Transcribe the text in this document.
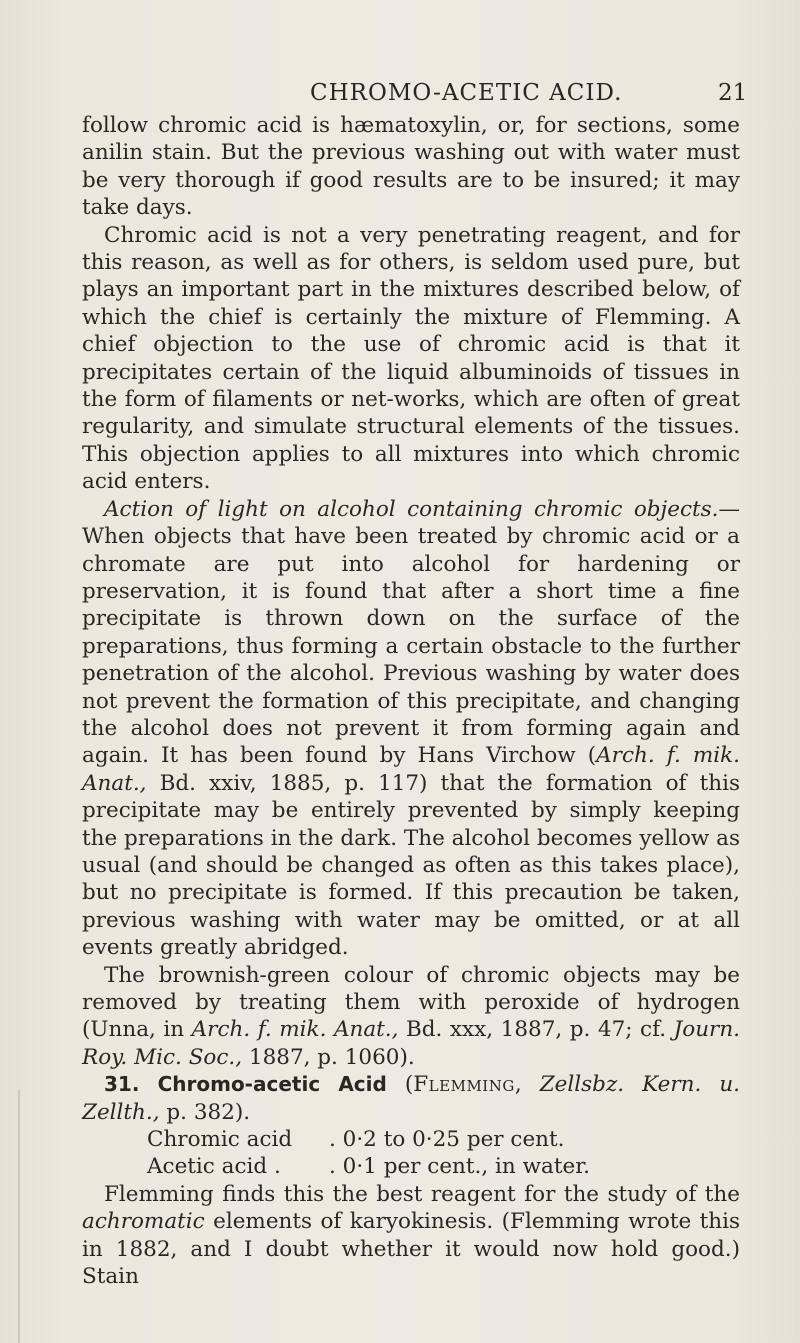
CHROMO-ACETIC ACID.	21

follow chromic acid is hæmatoxylin, or, for sections, some anilin stain. But the previous washing out with water must be very thorough if good results are to be insured; it may take days.

Chromic acid is not a very penetrating reagent, and for this reason, as well as for others, is seldom used pure, but plays an important part in the mixtures described below, of which the chief is certainly the mixture of Flemming. A chief objection to the use of chromic acid is that it precipitates certain of the liquid albuminoids of tissues in the form of filaments or net-works, which are often of great regularity, and simulate structural elements of the tissues. This objection applies to all mixtures into which chromic acid enters.

Action of light on alcohol containing chromic objects.—When objects that have been treated by chromic acid or a chromate are put into alcohol for hardening or preservation, it is found that after a short time a fine precipitate is thrown down on the surface of the preparations, thus forming a certain obstacle to the further penetration of the alcohol. Previous washing by water does not prevent the formation of this precipitate, and changing the alcohol does not prevent it from forming again and again. It has been found by Hans Virchow (Arch. f. mik. Anat., Bd. xxiv, 1885, p. 117) that the formation of this precipitate may be entirely prevented by simply keeping the preparations in the dark. The alcohol becomes yellow as usual (and should be changed as often as this takes place), but no precipitate is formed. If this precaution be taken, previous washing with water may be omitted, or at all events greatly abridged.

The brownish-green colour of chromic objects may be removed by treating them with peroxide of hydrogen (Unna, in Arch. f. mik. Anat., Bd. xxx, 1887, p. 47; cf. Journ. Roy. Mic. Soc., 1887, p. 1060).

31. Chromo-acetic Acid (Flemming, Zellsbz. Kern. u. Zellth., p. 382).

Chromic acid	. 0·2 to 0·25 per cent.
Acetic acid .	. 0·1 per cent., in water.

Flemming finds this the best reagent for the study of the achromatic elements of karyokinesis. (Flemming wrote this in 1882, and I doubt whether it would now hold good.) Stain
